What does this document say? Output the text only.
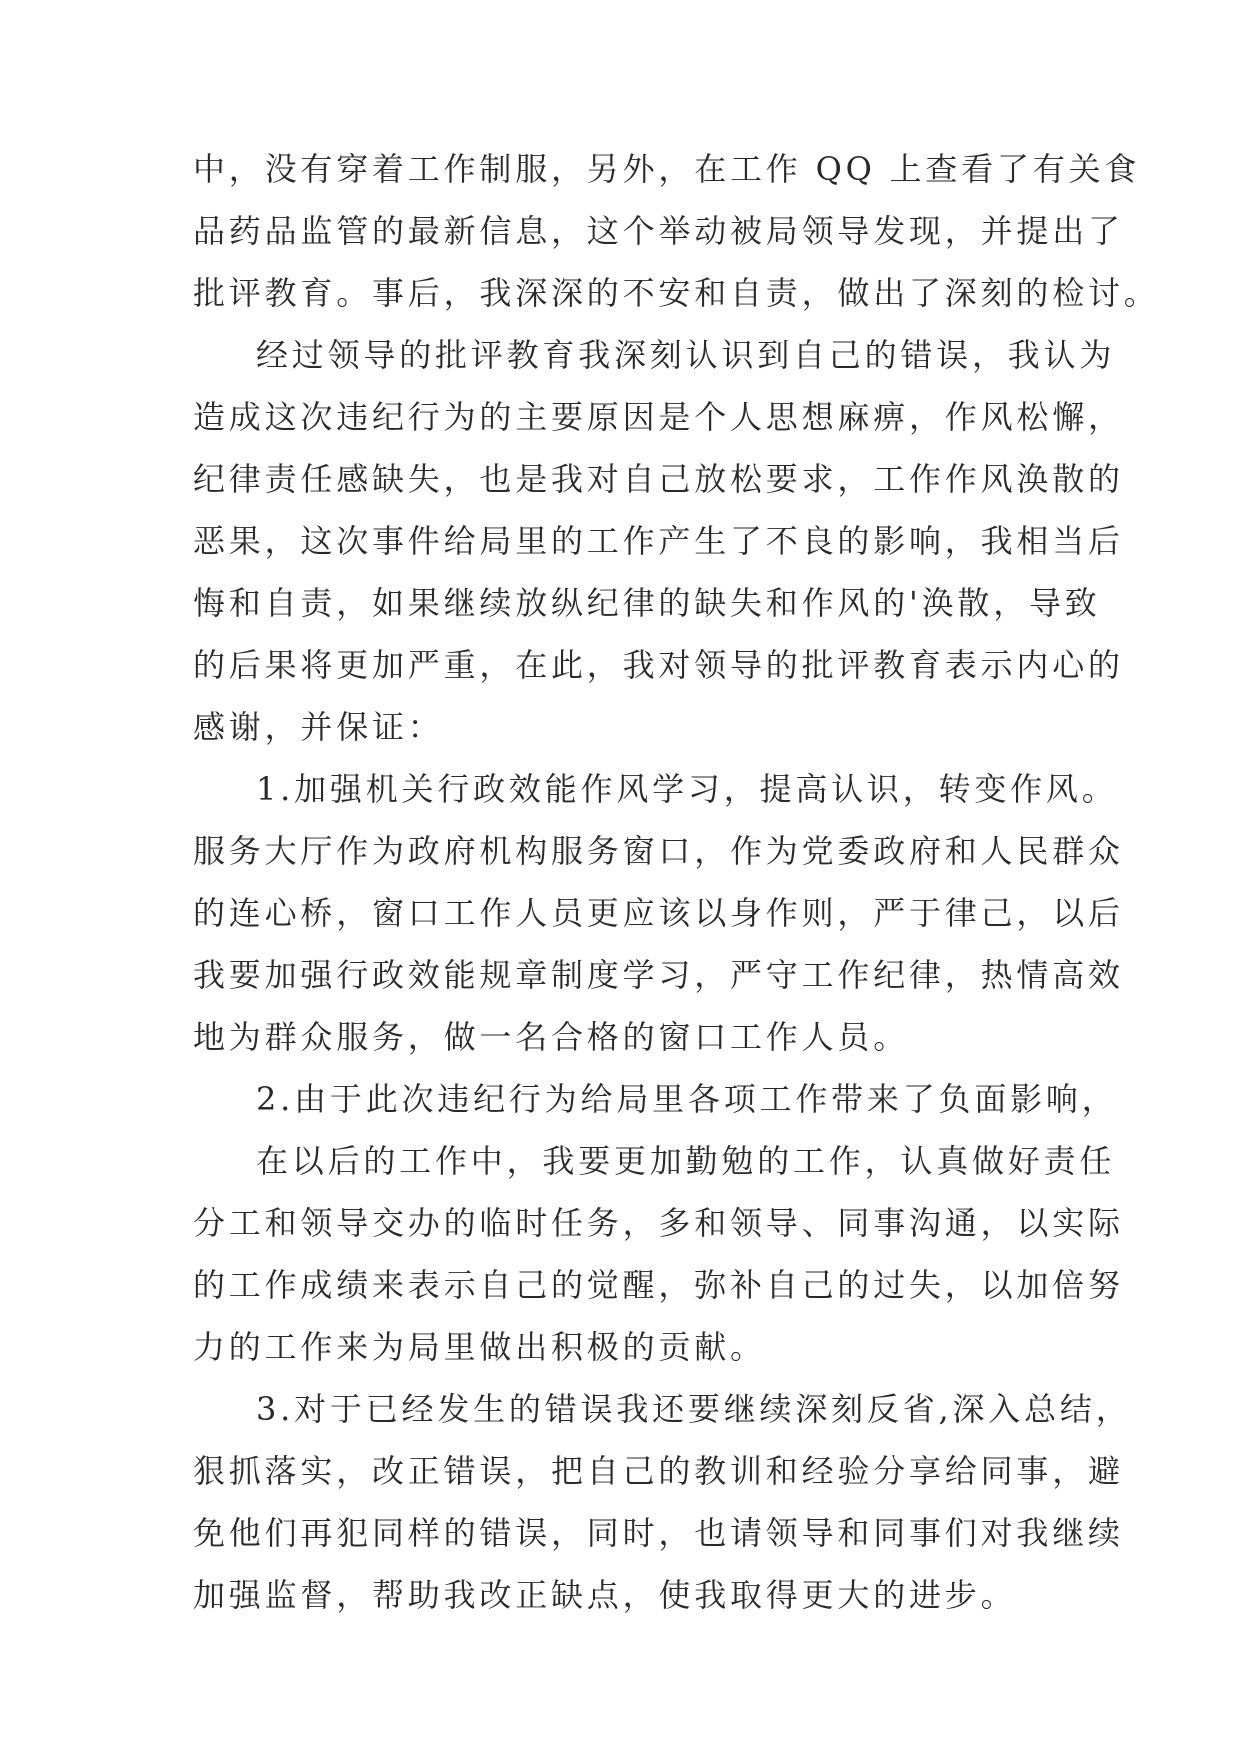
中，没有穿着工作制服，另外，在工作 QQ 上查看了有关食
品药品监管的最新信息，这个举动被局领导发现，并提出了
批评教育。事后，我深深的不安和自责，做出了深刻的检讨。
经过领导的批评教育我深刻认识到自己的错误，我认为
造成这次违纪行为的主要原因是个人思想麻痹，作风松懈，
纪律责任感缺失，也是我对自己放松要求，工作作风涣散的
恶果，这次事件给局里的工作产生了不良的影响，我相当后
悔和自责，如果继续放纵纪律的缺失和作风的'涣散，导致
的后果将更加严重，在此，我对领导的批评教育表示内心的
感谢，并保证：
1.加强机关行政效能作风学习，提高认识，转变作风。
服务大厅作为政府机构服务窗口，作为党委政府和人民群众
的连心桥，窗口工作人员更应该以身作则，严于律己，以后
我要加强行政效能规章制度学习，严守工作纪律，热情高效
地为群众服务，做一名合格的窗口工作人员。
2.由于此次违纪行为给局里各项工作带来了负面影响，
在以后的工作中，我要更加勤勉的工作，认真做好责任
分工和领导交办的临时任务，多和领导、同事沟通，以实际
的工作成绩来表示自己的觉醒，弥补自己的过失，以加倍努
力的工作来为局里做出积极的贡献。
3.对于已经发生的错误我还要继续深刻反省,深入总结，
狠抓落实，改正错误，把自己的教训和经验分享给同事，避
免他们再犯同样的错误，同时，也请领导和同事们对我继续
加强监督，帮助我改正缺点，使我取得更大的进步。
